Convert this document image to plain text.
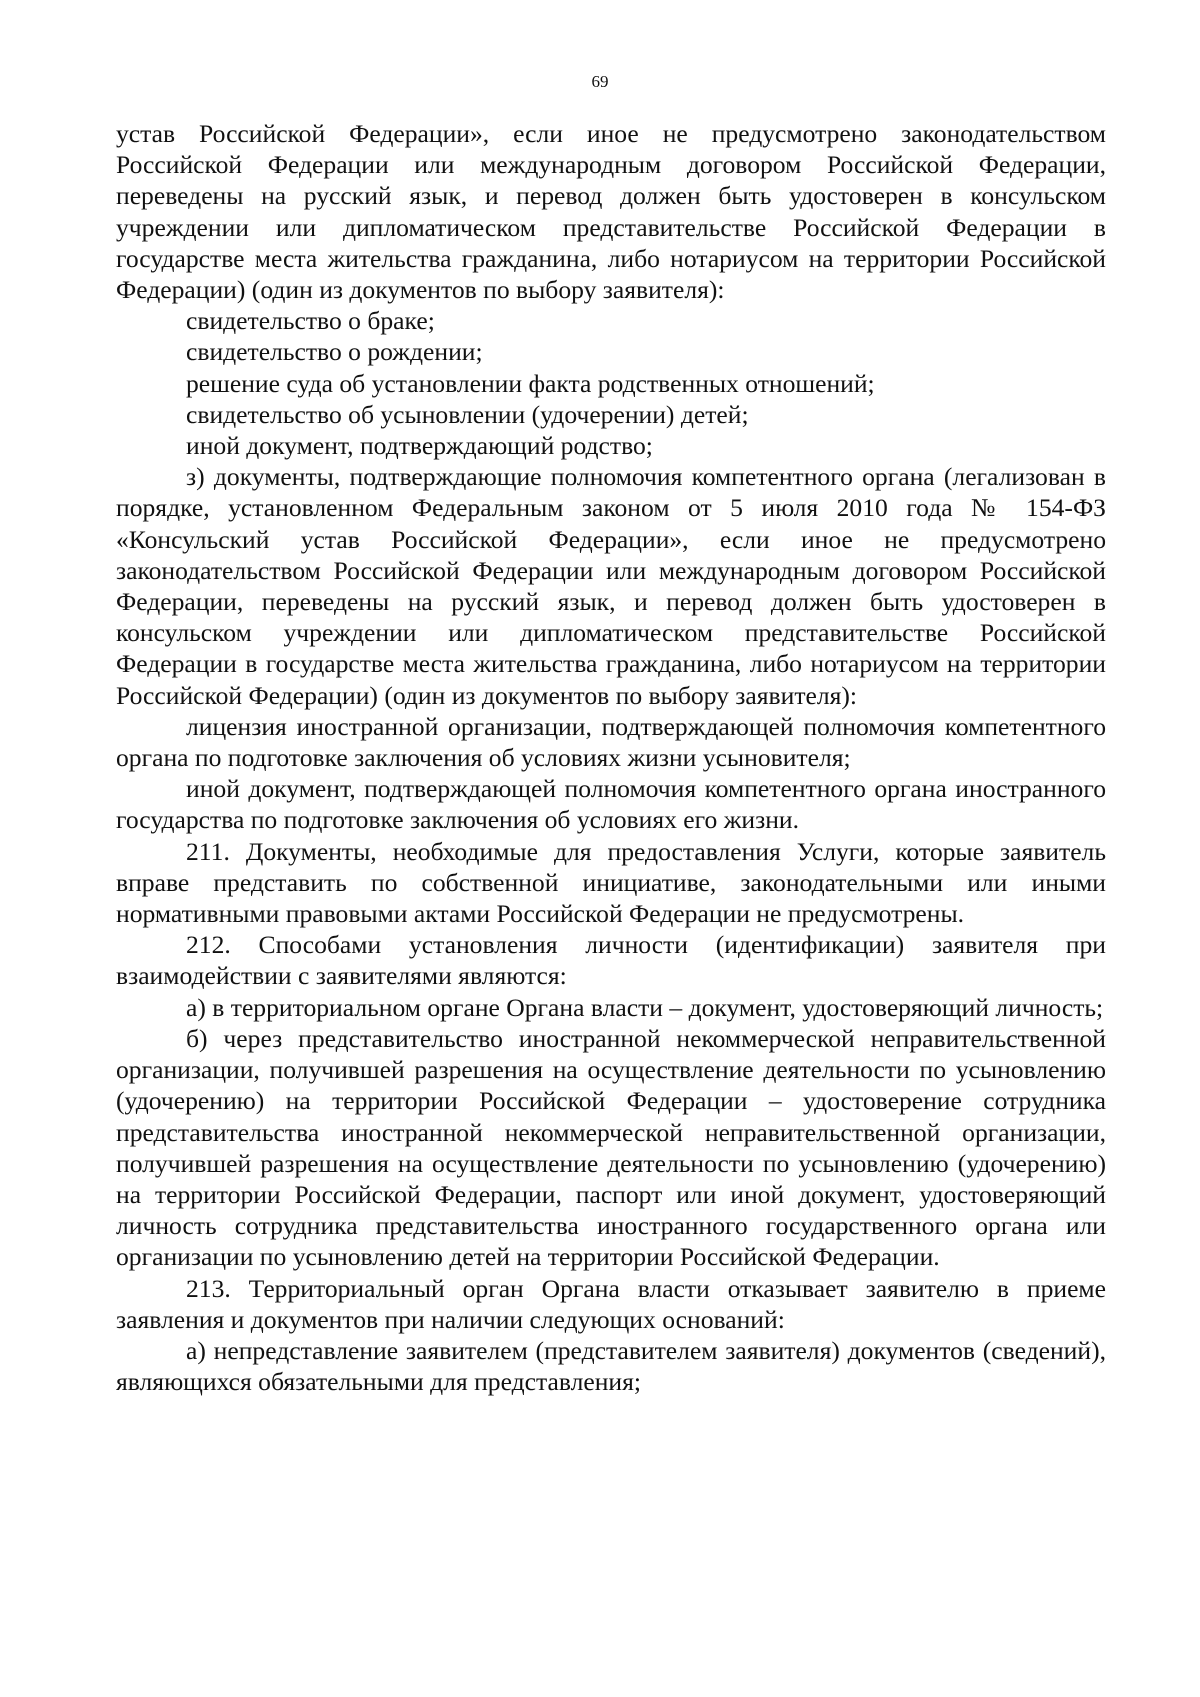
69

устав Российской Федерации», если иное не предусмотрено законодательством Российской Федерации или международным договором Российской Федерации, переведены на русский язык, и перевод должен быть удостоверен в консульском учреждении или дипломатическом представительстве Российской Федерации в государстве места жительства гражданина, либо нотариусом на территории Российской Федерации) (один из документов по выбору заявителя):

свидетельство о браке;

свидетельство о рождении;

решение суда об установлении факта родственных отношений;

свидетельство об усыновлении (удочерении) детей;

иной документ, подтверждающий родство;

з) документы, подтверждающие полномочия компетентного органа (легализован в порядке, установленном Федеральным законом от 5 июля 2010 года № 154-ФЗ «Консульский устав Российской Федерации», если иное не предусмотрено законодательством Российской Федерации или международным договором Российской Федерации, переведены на русский язык, и перевод должен быть удостоверен в консульском учреждении или дипломатическом представительстве Российской Федерации в государстве места жительства гражданина, либо нотариусом на территории Российской Федерации) (один из документов по выбору заявителя):

лицензия иностранной организации, подтверждающей полномочия компетентного органа по подготовке заключения об условиях жизни усыновителя;

иной документ, подтверждающей полномочия компетентного органа иностранного государства по подготовке заключения об условиях его жизни.

211. Документы, необходимые для предоставления Услуги, которые заявитель вправе представить по собственной инициативе, законодательными или иными нормативными правовыми актами Российской Федерации не предусмотрены.

212. Способами установления личности (идентификации) заявителя при взаимодействии с заявителями являются:

а) в территориальном органе Органа власти – документ, удостоверяющий личность;

б) через представительство иностранной некоммерческой неправительственной организации, получившей разрешения на осуществление деятельности по усыновлению (удочерению) на территории Российской Федерации – удостоверение сотрудника представительства иностранной некоммерческой неправительственной организации, получившей разрешения на осуществление деятельности по усыновлению (удочерению) на территории Российской Федерации, паспорт или иной документ, удостоверяющий личность сотрудника представительства иностранного государственного органа или организации по усыновлению детей на территории Российской Федерации.

213. Территориальный орган Органа власти отказывает заявителю в приеме заявления и документов при наличии следующих оснований:

а) непредставление заявителем (представителем заявителя) документов (сведений), являющихся обязательными для представления;
